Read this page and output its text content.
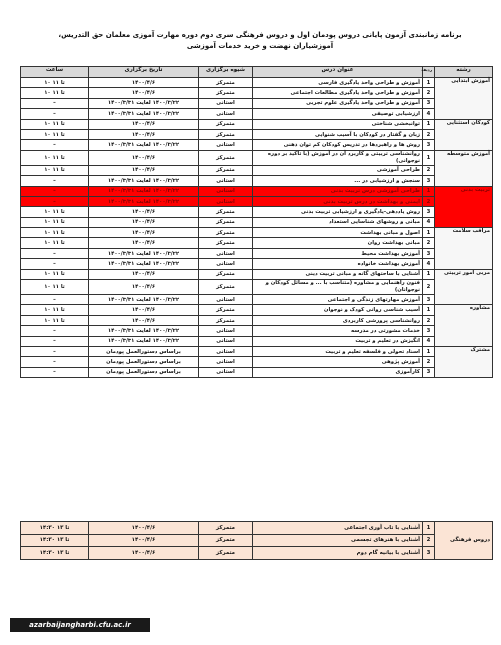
برنامه زمانبندی آزمون پایانی دروس پودمان اول و دروس فرهنگی سری دوم دوره مهارت آموزی معلمان حق التدریس، آموزشیاران نهضت و خرید خدمات آموزشی
رشته	ردیف	عنوان درس	شیوه برگزاری	تاریخ برگزاری	ساعت
آموزش ابتدایی	1	آموزش و طراحی واحد یادگیری فارسی	متمرکز	۱۴۰۰/۴/۶	۱۰ تا ۱۱
	2	آموزش و طراحی واحد یادگیری مطالعات اجتماعی	متمرکز	۱۴۰۰/۴/۶	۱۰ تا ۱۱
	3	آموزش و طراحی واحد یادگیری علوم تجربی	استانی	۱۴۰۰/۳/۲۲ لغایت ۱۴۰۰/۳/۳۱	–
	4	ارزشیابی توصیفی	استانی	۱۴۰۰/۳/۲۲ لغایت ۱۴۰۰/۳/۳۱	–
کودکان استثنایی	1	توانبخشی شناختی	متمرکز	۱۴۰۰/۴/۶	۱۰ تا ۱۱
	2	زبان و گفتار در کودکان با آسیب شنوایی	متمرکز	۱۴۰۰/۴/۶	۱۰ تا ۱۱
	3	روش ها و راهبردها در تدریس کودکان کم توان ذهنی	استانی	۱۴۰۰/۳/۲۲ لغایت ۱۴۰۰/۳/۳۱	–
آموزش متوسطه	1	روانشناسی تربیتی و کاربرد آن در آموزش (با تاکید بر دوره نوجوانی)	متمرکز	۱۴۰۰/۴/۶	۱۰ تا ۱۱
	2	طراحی آموزشی	متمرکز	۱۴۰۰/۴/۶	۱۰ تا ۱۱
	3	سنجش و ارزشیابی در ...	استانی	۱۴۰۰/۳/۲۲ لغایت ۱۴۰۰/۳/۳۱	–
تربیت بدنی	1	طراحی آموزشی درس تربیت بدنی	استانی	۱۴۰۰/۳/۲۲ لغایت ۱۴۰۰/۳/۳۱	–
	2	ایمنی و بهداشت در درس تربیت بدنی	استانی	۱۴۰۰/۳/۲۲ لغایت ۱۴۰۰/۳/۳۱	–
	3	روش یاددهی-یادگیری و ارزشیابی تربیت بدنی	متمرکز	۱۴۰۰/۴/۶	۱۰ تا ۱۱
	4	مبانی و روشهای شناسایی استعداد	متمرکز	۱۴۰۰/۴/۶	۱۰ تا ۱۱
مراقب سلامت	1	اصول و مبانی بهداشت	متمرکز	۱۴۰۰/۴/۶	۱۰ تا ۱۱
	2	مبانی بهداشت روان	متمرکز	۱۴۰۰/۴/۶	۱۰ تا ۱۱
	3	آموزش بهداشت محیط	استانی	۱۴۰۰/۳/۲۲ لغایت ۱۴۰۰/۳/۳۱	–
	4	آموزش بهداشت خانواده	استانی	۱۴۰۰/۳/۲۲ لغایت ۱۴۰۰/۳/۳۱	–
مربی امور تربیتی	1	آشنایی با ساحتهای گانه و مبانی تربیت دینی	متمرکز	۱۴۰۰/۴/۶	۱۰ تا ۱۱
	2	فنون راهنمایی و مشاوره (متناسب با ... و مسائل کودکان و نوجوانان)	متمرکز	۱۴۰۰/۴/۶	۱۰ تا ۱۱
	3	آموزش مهارتهای زندگی و اجتماعی	استانی	۱۴۰۰/۳/۲۲ لغایت ۱۴۰۰/۳/۳۱	–
مشاوره	1	آسیب شناسی روانی کودک و نوجوان	متمرکز	۱۴۰۰/۴/۶	۱۰ تا ۱۱
	2	روانشناسی پرورشی کاربردی	متمرکز	۱۴۰۰/۴/۶	۱۰ تا ۱۱
	3	خدمات مشورتی در مدرسه	استانی	۱۴۰۰/۳/۲۲ لغایت ۱۴۰۰/۳/۳۱	–
	4	انگیزش در تعلیم و تربیت	استانی	۱۴۰۰/۳/۲۲ لغایت ۱۴۰۰/۳/۳۱	–
مشترک	1	اسناد تحولی و فلسفه تعلیم و تربیت	استانی	براساس دستورالعمل پودمان	–
	2	آموزش پژوهی	استانی	براساس دستورالعمل پودمان	–
	3	کارآموزی	استانی	براساس دستورالعمل پودمان	–
دروس فرهنگی	1	آشنایی با تاب آوری اجتماعی	متمرکز	۱۴۰۰/۴/۶	۱۴:۳۰ تا ۱۳
	2	آشنایی با هنرهای تجسمی	متمرکز	۱۴۰۰/۴/۶	۱۴:۳۰ تا ۱۳
	3	آشنایی با بیانیه گام دوم	متمرکز	۱۴۰۰/۴/۶	۱۴:۳۰ تا ۱۳
azarbaijangharbi.cfu.ac.ir
